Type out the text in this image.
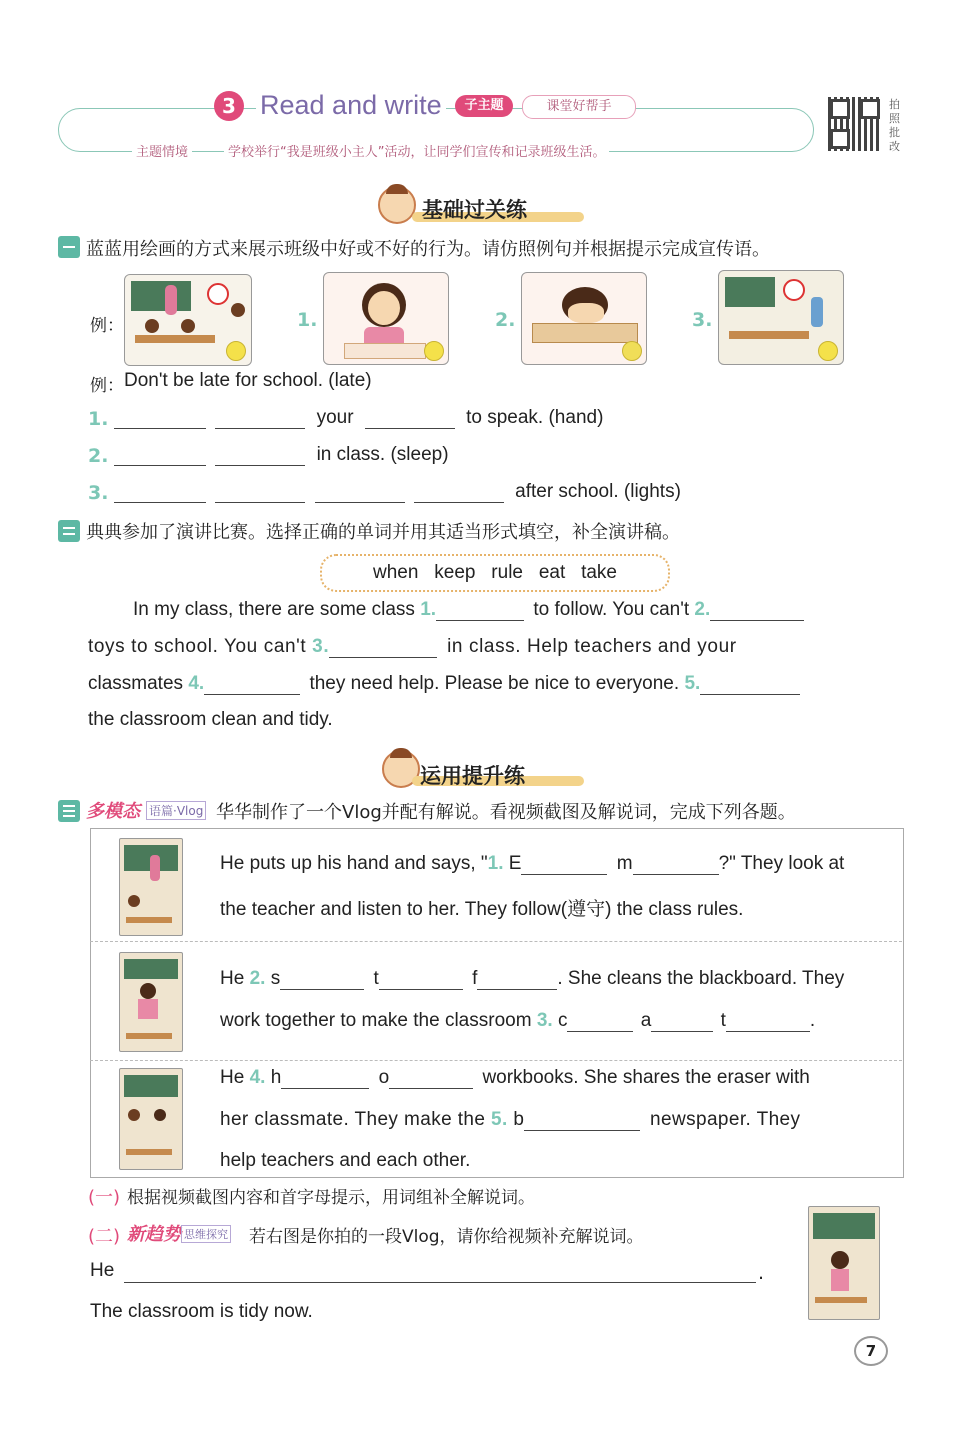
3 Read and write	子主题	课堂好帮手
主题情境	学校举行“我是班级小主人”活动，让同学们宣传和记录班级生活。
拍
照
批
改
基础过关练
蓝蓝用绘画的方式来展示班级中好或不好的行为。请仿照例句并根据提示完成宣传语。
例：	1.	2.	3.
例： Don't be late for school. (late)
1.	your	to speak. (hand)
2.	in class. (sleep)
3.	after school. (lights)
典典参加了演讲比赛。选择正确的单词并用其适当形式填空，补全演讲稿。
when   keep   rule   eat   take
In my class, there are some class 1.	to follow. You can't 2.
toys to school. You can't 3.	in class. Help teachers and your
classmates 4.	they need help. Please be nice to everyone. 5.
the classroom clean and tidy.
运用提升练
多模态 语篇·Vlog 华华制作了一个Vlog并配有解说。看视频截图及解说词，完成下列各题。
He puts up his hand and says, "1. E	m	?" They look at
the teacher and listen to her. They follow(遵守) the class rules.
He 2. s	t	f	. She cleans the blackboard. They
work together to make the classroom 3. c	a	t	.
He 4. h	o	workbooks. She shares the eraser with
her classmate. They make the 5. b	newspaper. They
help teachers and each other.
(一) 根据视频截图内容和首字母提示，用词组补全解说词。
(二) 新趋势 思维探究 若右图是你拍的一段Vlog，请你给视频补充解说词。
He	.
The classroom is tidy now.
7
